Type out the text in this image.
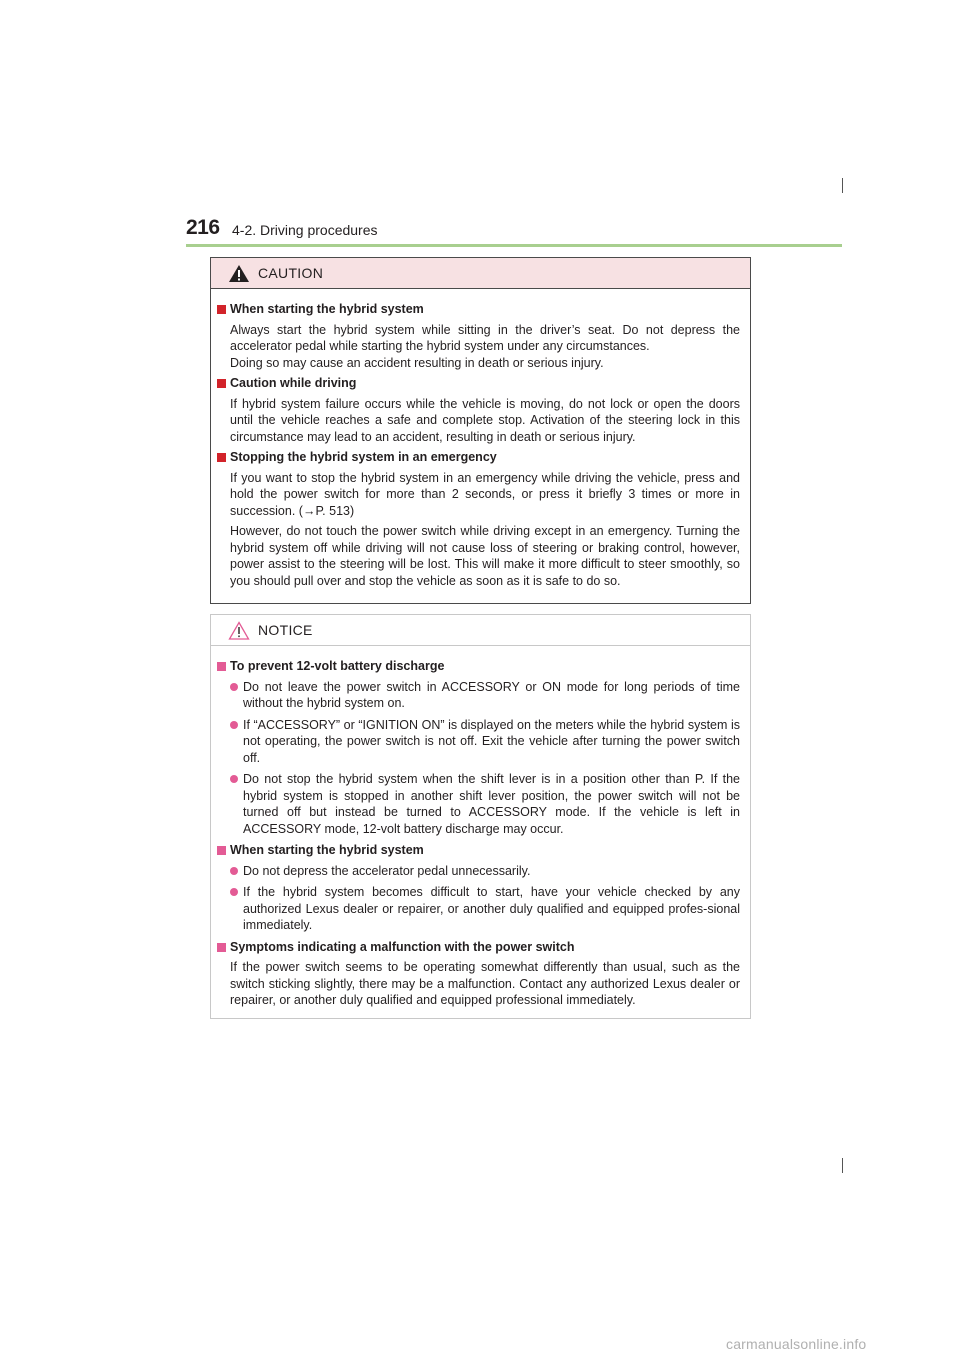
216 4-2. Driving procedures
CAUTION
When starting the hybrid system
Always start the hybrid system while sitting in the driver’s seat. Do not depress the accelerator pedal while starting the hybrid system under any circumstances.
Doing so may cause an accident resulting in death or serious injury.
Caution while driving
If hybrid system failure occurs while the vehicle is moving, do not lock or open the doors until the vehicle reaches a safe and complete stop. Activation of the steering lock in this circumstance may lead to an accident, resulting in death or serious injury.
Stopping the hybrid system in an emergency
If you want to stop the hybrid system in an emergency while driving the vehicle, press and hold the power switch for more than 2 seconds, or press it briefly 3 times or more in succession. (→P. 513)
However, do not touch the power switch while driving except in an emergency. Turning the hybrid system off while driving will not cause loss of steering or braking control, however, power assist to the steering will be lost. This will make it more difficult to steer smoothly, so you should pull over and stop the vehicle as soon as it is safe to do so.
NOTICE
To prevent 12-volt battery discharge
Do not leave the power switch in ACCESSORY or ON mode for long periods of time without the hybrid system on.
If “ACCESSORY” or “IGNITION ON” is displayed on the meters while the hybrid system is not operating, the power switch is not off. Exit the vehicle after turning the power switch off.
Do not stop the hybrid system when the shift lever is in a position other than P. If the hybrid system is stopped in another shift lever position, the power switch will not be turned off but instead be turned to ACCESSORY mode. If the vehicle is left in ACCESSORY mode, 12-volt battery discharge may occur.
When starting the hybrid system
Do not depress the accelerator pedal unnecessarily.
If the hybrid system becomes difficult to start, have your vehicle checked by any authorized Lexus dealer or repairer, or another duly qualified and equipped profes-sional immediately.
Symptoms indicating a malfunction with the power switch
If the power switch seems to be operating somewhat differently than usual, such as the switch sticking slightly, there may be a malfunction. Contact any authorized Lexus dealer or repairer, or another duly qualified and equipped professional immediately.
carmanualsonline.info
